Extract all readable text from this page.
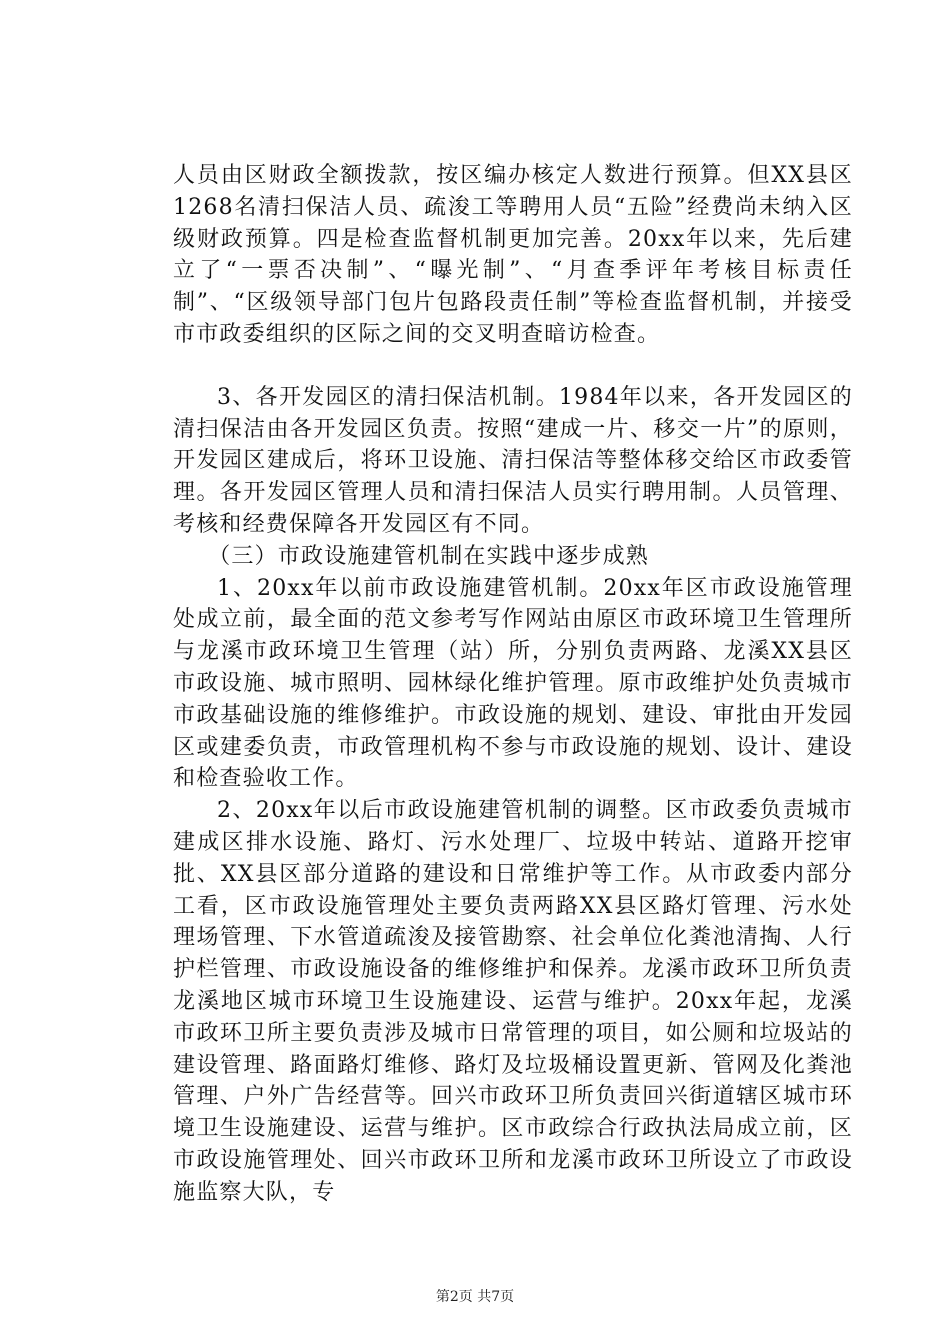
人员由区财政全额拨款，按区编办核定人数进行预算。但XX县区1268名清扫保洁人员、疏浚工等聘用人员“五险”经费尚未纳入区级财政预算。四是检查监督机制更加完善。20xx年以来，先后建立了“一票否决制”、“曝光制”、“月查季评年考核目标责任制”、“区级领导部门包片包路段责任制”等检查监督机制，并接受市市政委组织的区际之间的交叉明查暗访检查。

3、各开发园区的清扫保洁机制。1984年以来，各开发园区的清扫保洁由各开发园区负责。按照“建成一片、移交一片”的原则，开发园区建成后，将环卫设施、清扫保洁等整体移交给区市政委管理。各开发园区管理人员和清扫保洁人员实行聘用制。人员管理、考核和经费保障各开发园区有不同。

（三）市政设施建管机制在实践中逐步成熟

1、20xx年以前市政设施建管机制。20xx年区市政设施管理处成立前，最全面的范文参考写作网站由原区市政环境卫生管理所与龙溪市政环境卫生管理（站）所，分别负责两路、龙溪XX县区市政设施、城市照明、园林绿化维护管理。原市政维护处负责城市市政基础设施的维修维护。市政设施的规划、建设、审批由开发园区或建委负责，市政管理机构不参与市政设施的规划、设计、建设和检查验收工作。

2、20xx年以后市政设施建管机制的调整。区市政委负责城市建成区排水设施、路灯、污水处理厂、垃圾中转站、道路开挖审批、XX县区部分道路的建设和日常维护等工作。从市政委内部分工看，区市政设施管理处主要负责两路XX县区路灯管理、污水处理场管理、下水管道疏浚及接管勘察、社会单位化粪池清掏、人行护栏管理、市政设施设备的维修维护和保养。龙溪市政环卫所负责龙溪地区城市环境卫生设施建设、运营与维护。20xx年起，龙溪市政环卫所主要负责涉及城市日常管理的项目，如公厕和垃圾站的建设管理、路面路灯维修、路灯及垃圾桶设置更新、管网及化粪池管理、户外广告经营等。回兴市政环卫所负责回兴街道辖区城市环境卫生设施建设、运营与维护。区市政综合行政执法局成立前，区市政设施管理处、回兴市政环卫所和龙溪市政环卫所设立了市政设施监察大队，专

第2页 共7页
